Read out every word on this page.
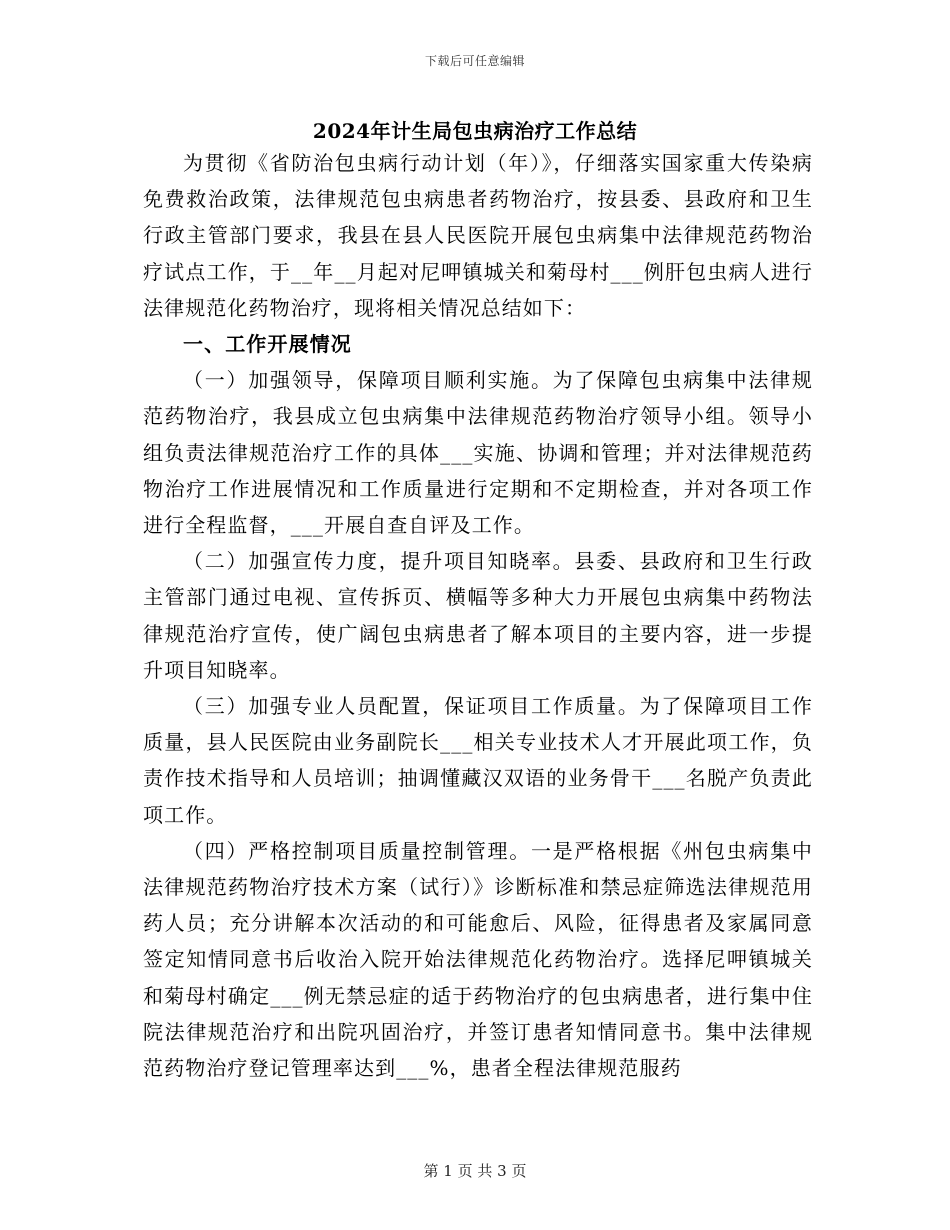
下载后可任意编辑
2024年计生局包虫病治疗工作总结

为贯彻《省防治包虫病行动计划（年）》，仔细落实国家重大传染病免费救治政策，法律规范包虫病患者药物治疗，按县委、县政府和卫生行政主管部门要求，我县在县人民医院开展包虫病集中法律规范药物治疗试点工作，于__年__月起对尼呷镇城关和菊母村___例肝包虫病人进行法律规范化药物治疗，现将相关情况总结如下：

一、工作开展情况

（一）加强领导，保障项目顺利实施。为了保障包虫病集中法律规范药物治疗，我县成立包虫病集中法律规范药物治疗领导小组。领导小组负责法律规范治疗工作的具体___实施、协调和管理；并对法律规范药物治疗工作进展情况和工作质量进行定期和不定期检查，并对各项工作进行全程监督，___开展自查自评及工作。

（二）加强宣传力度，提升项目知晓率。县委、县政府和卫生行政主管部门通过电视、宣传拆页、横幅等多种大力开展包虫病集中药物法律规范治疗宣传，使广阔包虫病患者了解本项目的主要内容，进一步提升项目知晓率。

（三）加强专业人员配置，保证项目工作质量。为了保障项目工作质量，县人民医院由业务副院长___相关专业技术人才开展此项工作，负责作技术指导和人员培训；抽调懂藏汉双语的业务骨干___名脱产负责此项工作。

（四）严格控制项目质量控制管理。一是严格根据《州包虫病集中法律规范药物治疗技术方案（试行）》诊断标准和禁忌症筛选法律规范用药人员；充分讲解本次活动的和可能愈后、风险，征得患者及家属同意签定知情同意书后收治入院开始法律规范化药物治疗。选择尼呷镇城关和菊母村确定___例无禁忌症的适于药物治疗的包虫病患者，进行集中住院法律规范治疗和出院巩固治疗，并签订患者知情同意书。集中法律规范药物治疗登记管理率达到___%，患者全程法律规范服药

第 1 页 共 3 页
